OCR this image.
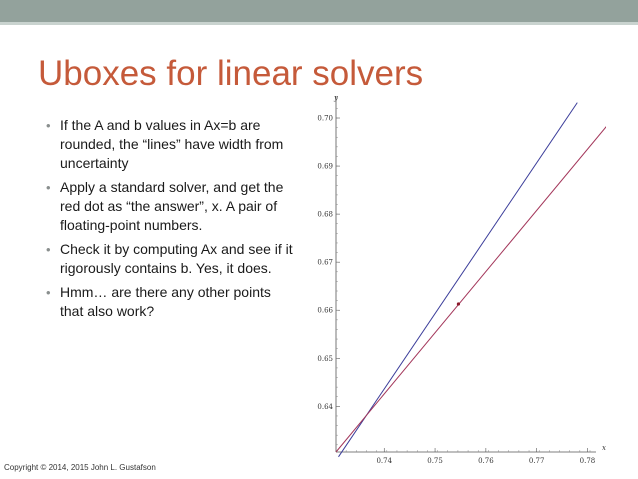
Uboxes for linear solvers
• If the A and b values in Ax=b are rounded, the “lines” have width from uncertainty
• Apply a standard solver, and get the red dot as “the answer”, x. A pair of floating-point numbers.
• Check it by computing Ax and see if it rigorously contains b. Yes, it does.
• Hmm… are there any other points that also work?
0.74	0.75	0.76	0.77	0.78
0.64
0.65
0.66
0.67
0.68
0.69
0.70
y
x
Copyright © 2014, 2015 John L. Gustafson
